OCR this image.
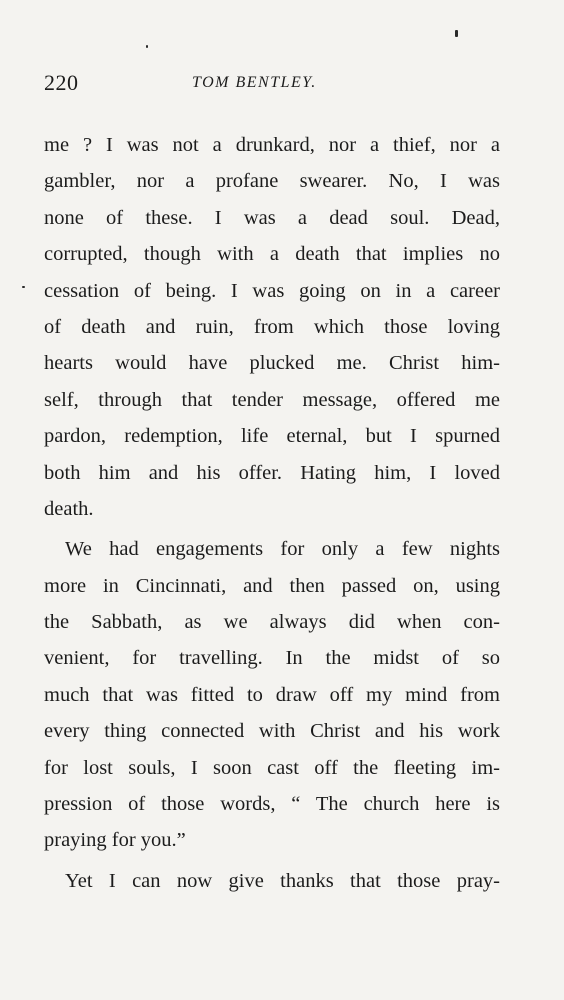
220	TOM BENTLEY.
me ? I was not a drunkard, nor a thief, nor a
gambler, nor a profane swearer. No, I was
none of these. I was a dead soul. Dead,
corrupted, though with a death that implies no
cessation of being. I was going on in a career
of death and ruin, from which those loving
hearts would have plucked me. Christ him-
self, through that tender message, offered me
pardon, redemption, life eternal, but I spurned
both him and his offer. Hating him, I loved
death.
We had engagements for only a few nights
more in Cincinnati, and then passed on, using
the Sabbath, as we always did when con-
venient, for travelling. In the midst of so
much that was fitted to draw off my mind from
every thing connected with Christ and his work
for lost souls, I soon cast off the fleeting im-
pression of those words, “ The church here is
praying for you.”
Yet I can now give thanks that those pray-
